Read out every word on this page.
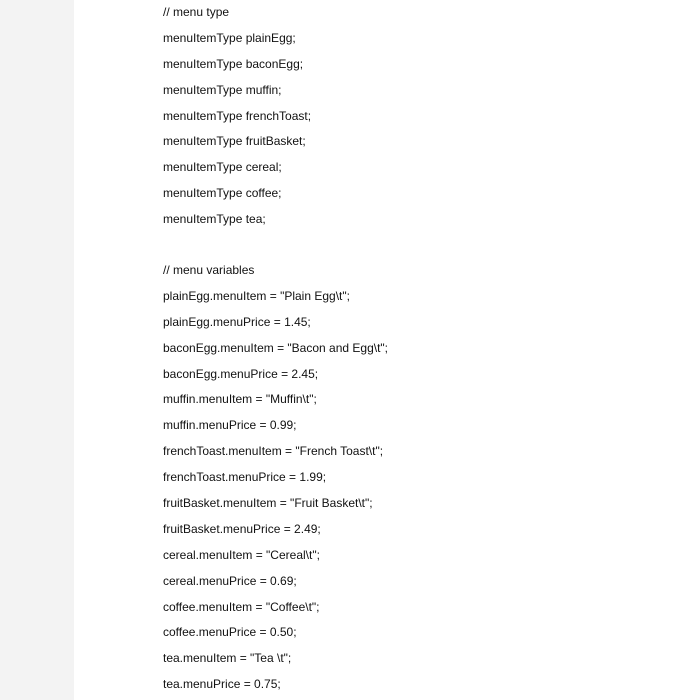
// menu type
menuItemType plainEgg;
menuItemType baconEgg;
menuItemType muffin;
menuItemType frenchToast;
menuItemType fruitBasket;
menuItemType cereal;
menuItemType coffee;
menuItemType tea;
// menu variables
plainEgg.menuItem = "Plain Egg\t";
plainEgg.menuPrice = 1.45;
baconEgg.menuItem = "Bacon and Egg\t";
baconEgg.menuPrice = 2.45;
muffin.menuItem = "Muffin\t";
muffin.menuPrice = 0.99;
frenchToast.menuItem = "French Toast\t";
frenchToast.menuPrice = 1.99;
fruitBasket.menuItem = "Fruit Basket\t";
fruitBasket.menuPrice = 2.49;
cereal.menuItem = "Cereal\t";
cereal.menuPrice = 0.69;
coffee.menuItem = "Coffee\t";
coffee.menuPrice = 0.50;
tea.menuItem = "Tea \t";
tea.menuPrice = 0.75;
